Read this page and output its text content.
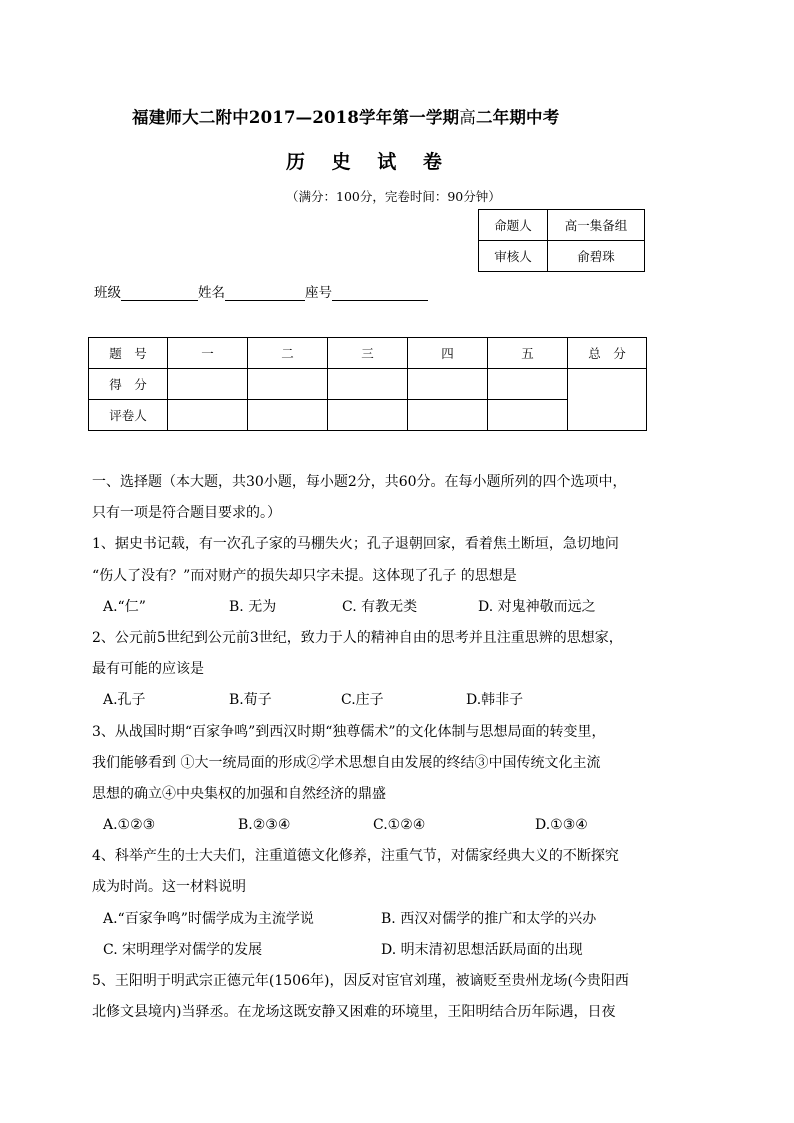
福建师大二附中2017—2018学年第一学期高二年期中考
历 史 试 卷
（满分：100分，完卷时间：90分钟）
命题人	高一集备组
审核人	俞碧珠
班级	姓名	座号
题　号	一	二	三	四	五	总　分
得　分						
评卷人						
一、选择题（本大题，共30小题，每小题2分，共60分。在每小题所列的四个选项中，
只有一项是符合题目要求的。）
1、据史书记载，有一次孔子家的马棚失火；孔子退朝回家，看着焦土断垣，急切地问
“伤人了没有？”而对财产的损失却只字未提。这体现了孔子 的思想是
A.“仁”	B. 无为	C. 有教无类	D. 对鬼神敬而远之
2、公元前5世纪到公元前3世纪，致力于人的精神自由的思考并且注重思辨的思想家，
最有可能的应该是
A.孔子	B.荀子	C.庄子	D.韩非子
3、从战国时期“百家争鸣”到西汉时期“独尊儒术”的文化体制与思想局面的转变里，
我们能够看到 ①大一统局面的形成②学术思想自由发展的终结③中国传统文化主流
思想的确立④中央集权的加强和自然经济的鼎盛
A.①②③	B.②③④	C.①②④	D.①③④
4、科举产生的士大夫们，注重道德文化修养，注重气节，对儒家经典大义的不断探究
成为时尚。这一材料说明
A.“百家争鸣”时儒学成为主流学说	B. 西汉对儒学的推广和太学的兴办
C. 宋明理学对儒学的发展	D. 明末清初思想活跃局面的出现
5、王阳明于明武宗正德元年(1506年)，因反对宦官刘瑾，被谪贬至贵州龙场(今贵阳西
北修文县境内)当驿丞。在龙场这既安静又困难的环境里，王阳明结合历年际遇，日夜
